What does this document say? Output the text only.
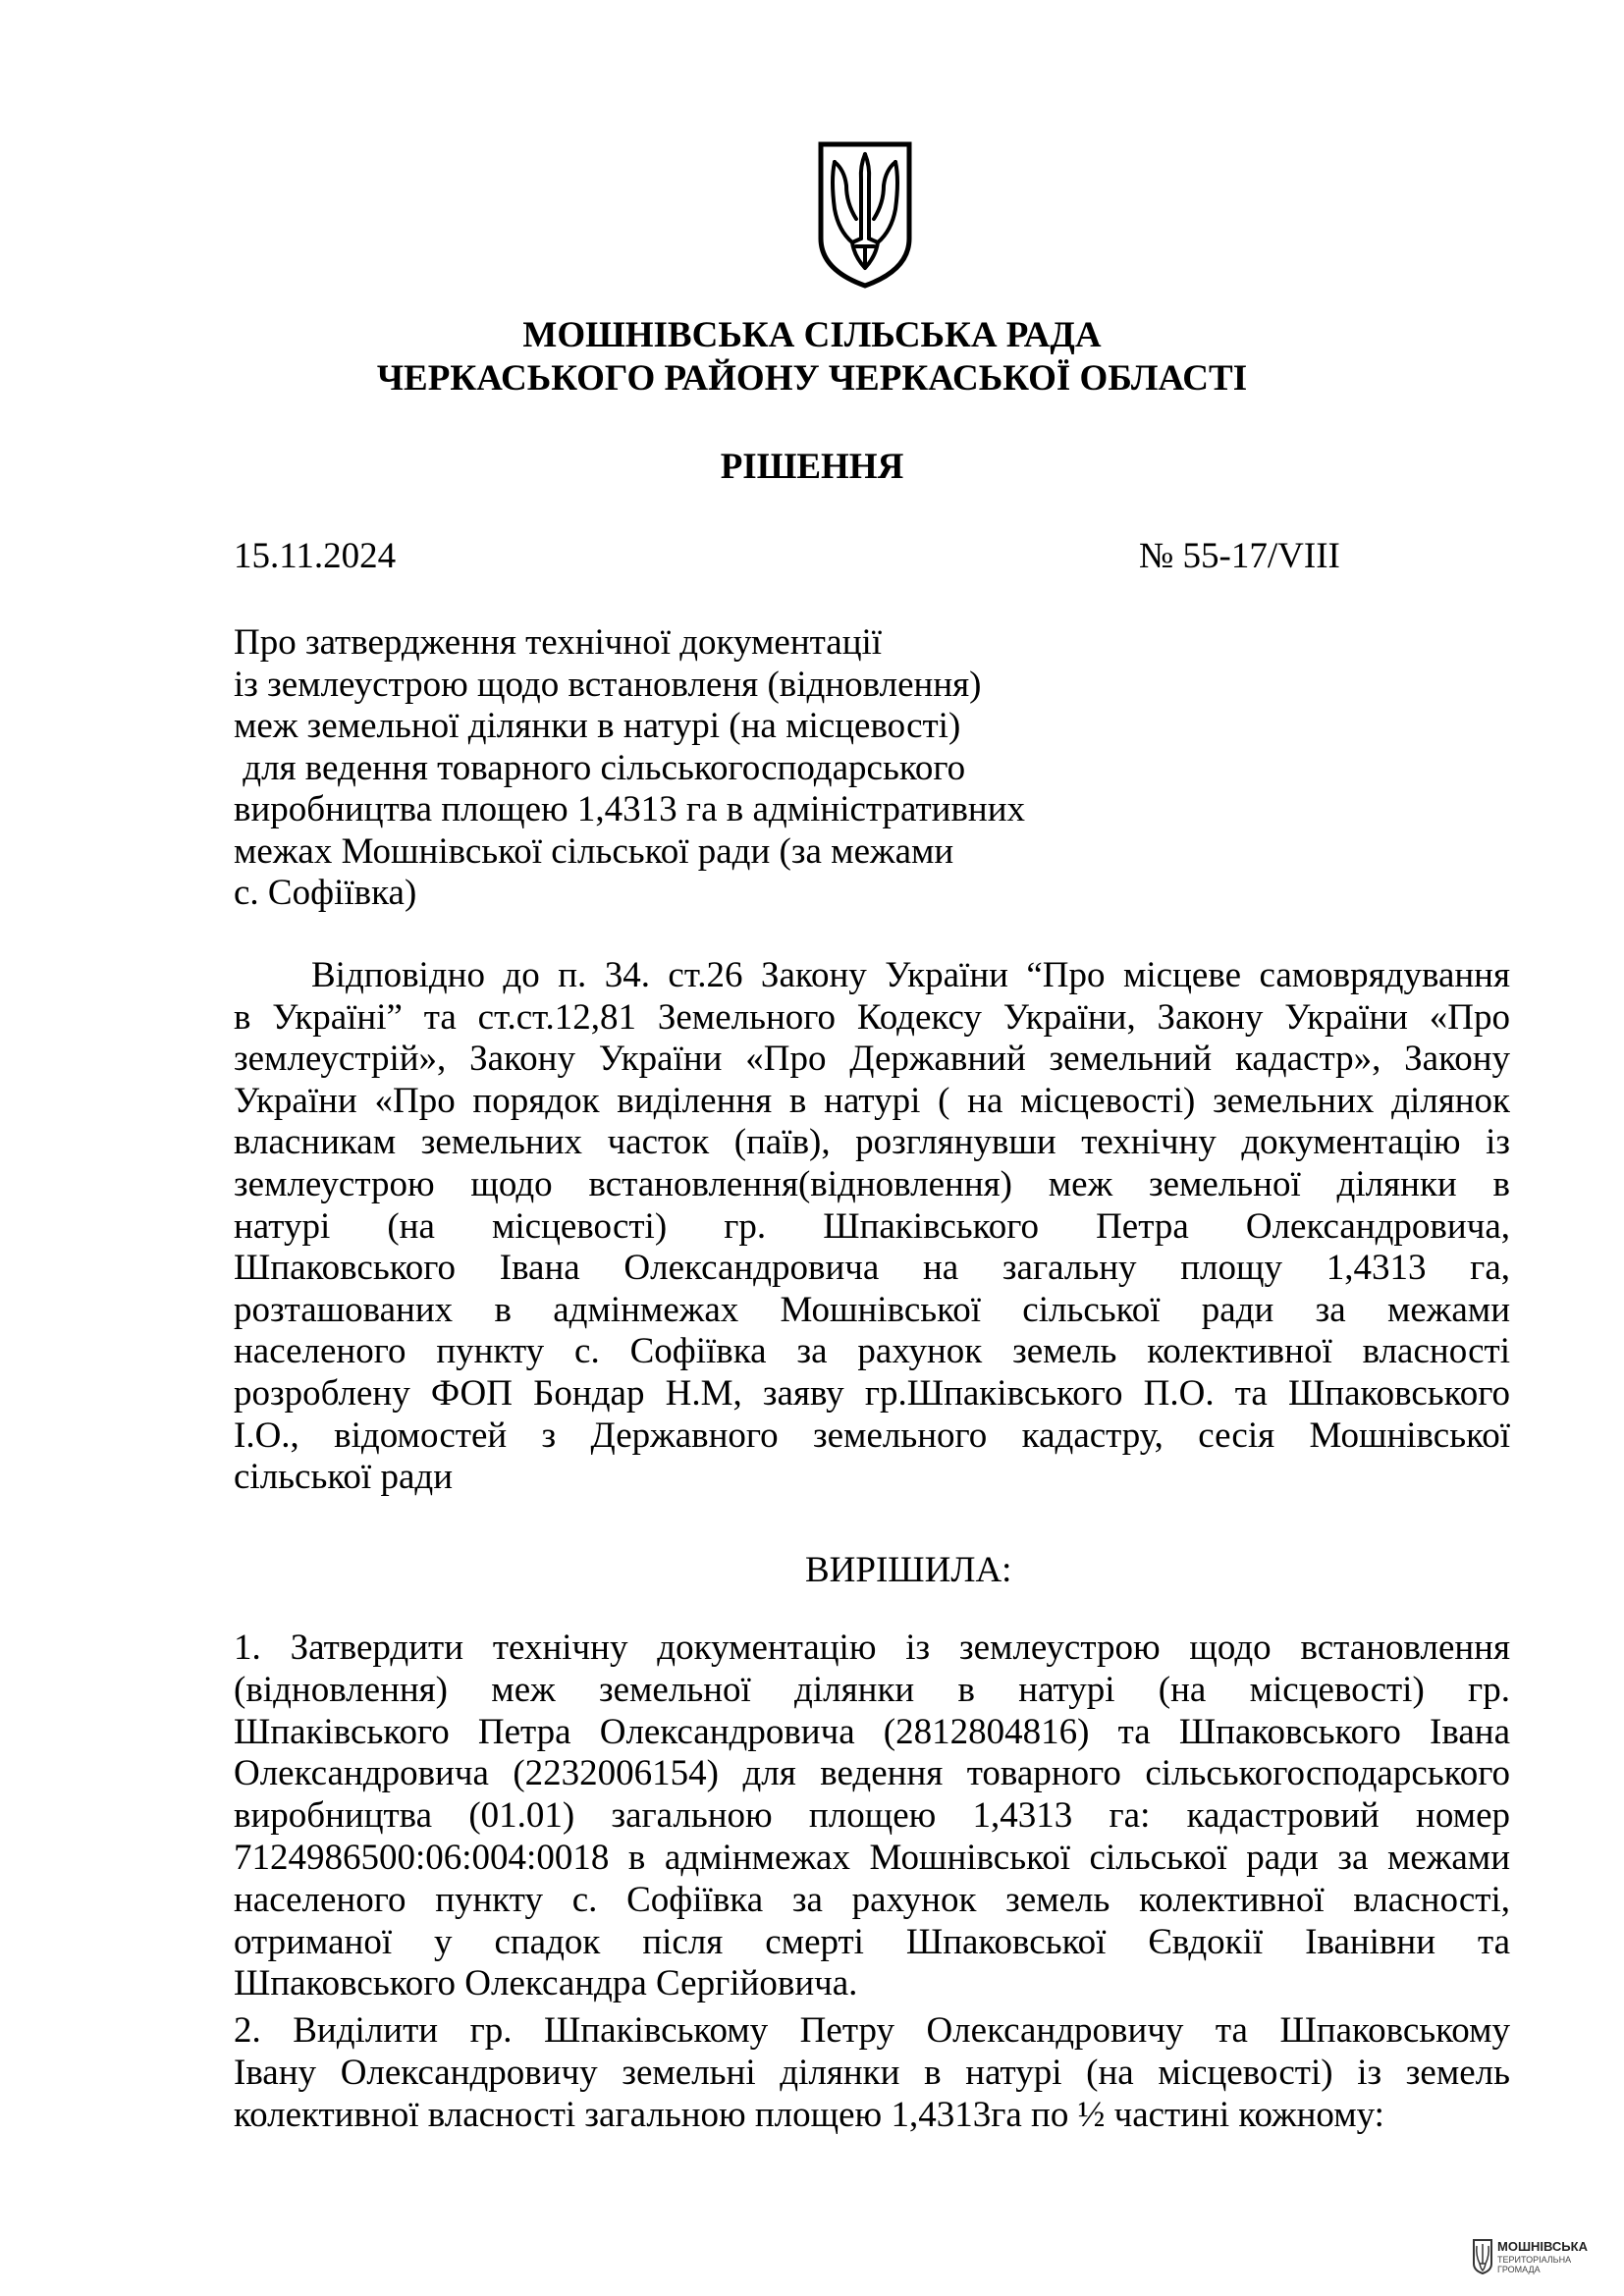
МОШНІВСЬКА СІЛЬСЬКА РАДА
ЧЕРКАСЬКОГО РАЙОНУ ЧЕРКАСЬКОЇ ОБЛАСТІ
РІШЕННЯ
15.11.2024	№ 55-17/VIII
Про затвердження технічної документації
із землеустрою щодо встановленя (відновлення)
меж земельної ділянки в натурі (на місцевості)
для ведення товарного сільськогосподарського
виробництва площею 1,4313 га в адміністративних
межах Мошнівської сільської ради (за межами
с. Софіївка)
Відповідно до п. 34. ст.26 Закону України “Про місцеве самоврядування
в Україні” та ст.ст.12,81 Земельного Кодексу України, Закону України «Про
землеустрій», Закону України «Про Державний земельний кадастр», Закону
України «Про порядок виділення в натурі ( на місцевості) земельних ділянок
власникам земельних часток (паїв), розглянувши технічну документацію із
землеустрою щодо встановлення(відновлення) меж земельної ділянки в
натурі (на місцевості) гр. Шпаківського Петра Олександровича,
Шпаковського Івана Олександровича на загальну площу 1,4313 га,
розташованих в адмінмежах Мошнівської сільської ради за межами
населеного пункту с. Софіївка за рахунок земель колективної власності
розроблену ФОП Бондар Н.М, заяву гр.Шпаківського П.О. та Шпаковського
І.О., відомостей з Державного земельного кадастру, сесія Мошнівської
сільської ради
ВИРІШИЛА:
1. Затвердити технічну документацію із землеустрою щодо встановлення
(відновлення) меж земельної ділянки в натурі (на місцевості) гр.
Шпаківського Петра Олександровича (2812804816) та Шпаковського Івана
Олександровича (2232006154) для ведення товарного сільськогосподарського
виробництва (01.01) загальною площею 1,4313 га: кадастровий номер
7124986500:06:004:0018 в адмінмежах Мошнівської сільської ради за межами
населеного пункту с. Софіївка за рахунок земель колективної власності,
отриманої у спадок після смерті Шпаковської Євдокії Іванівни та
Шпаковського Олександра Сергійовича.
2. Виділити гр. Шпаківському Петру Олександровичу та Шпаковському
Івану Олександровичу земельні ділянки в натурі (на місцевості) із земель
колективної власності загальною площею 1,4313га по ½ частині кожному:
МОШНІВСЬКА
ТЕРИТОРІАЛЬНА ГРОМАДА
